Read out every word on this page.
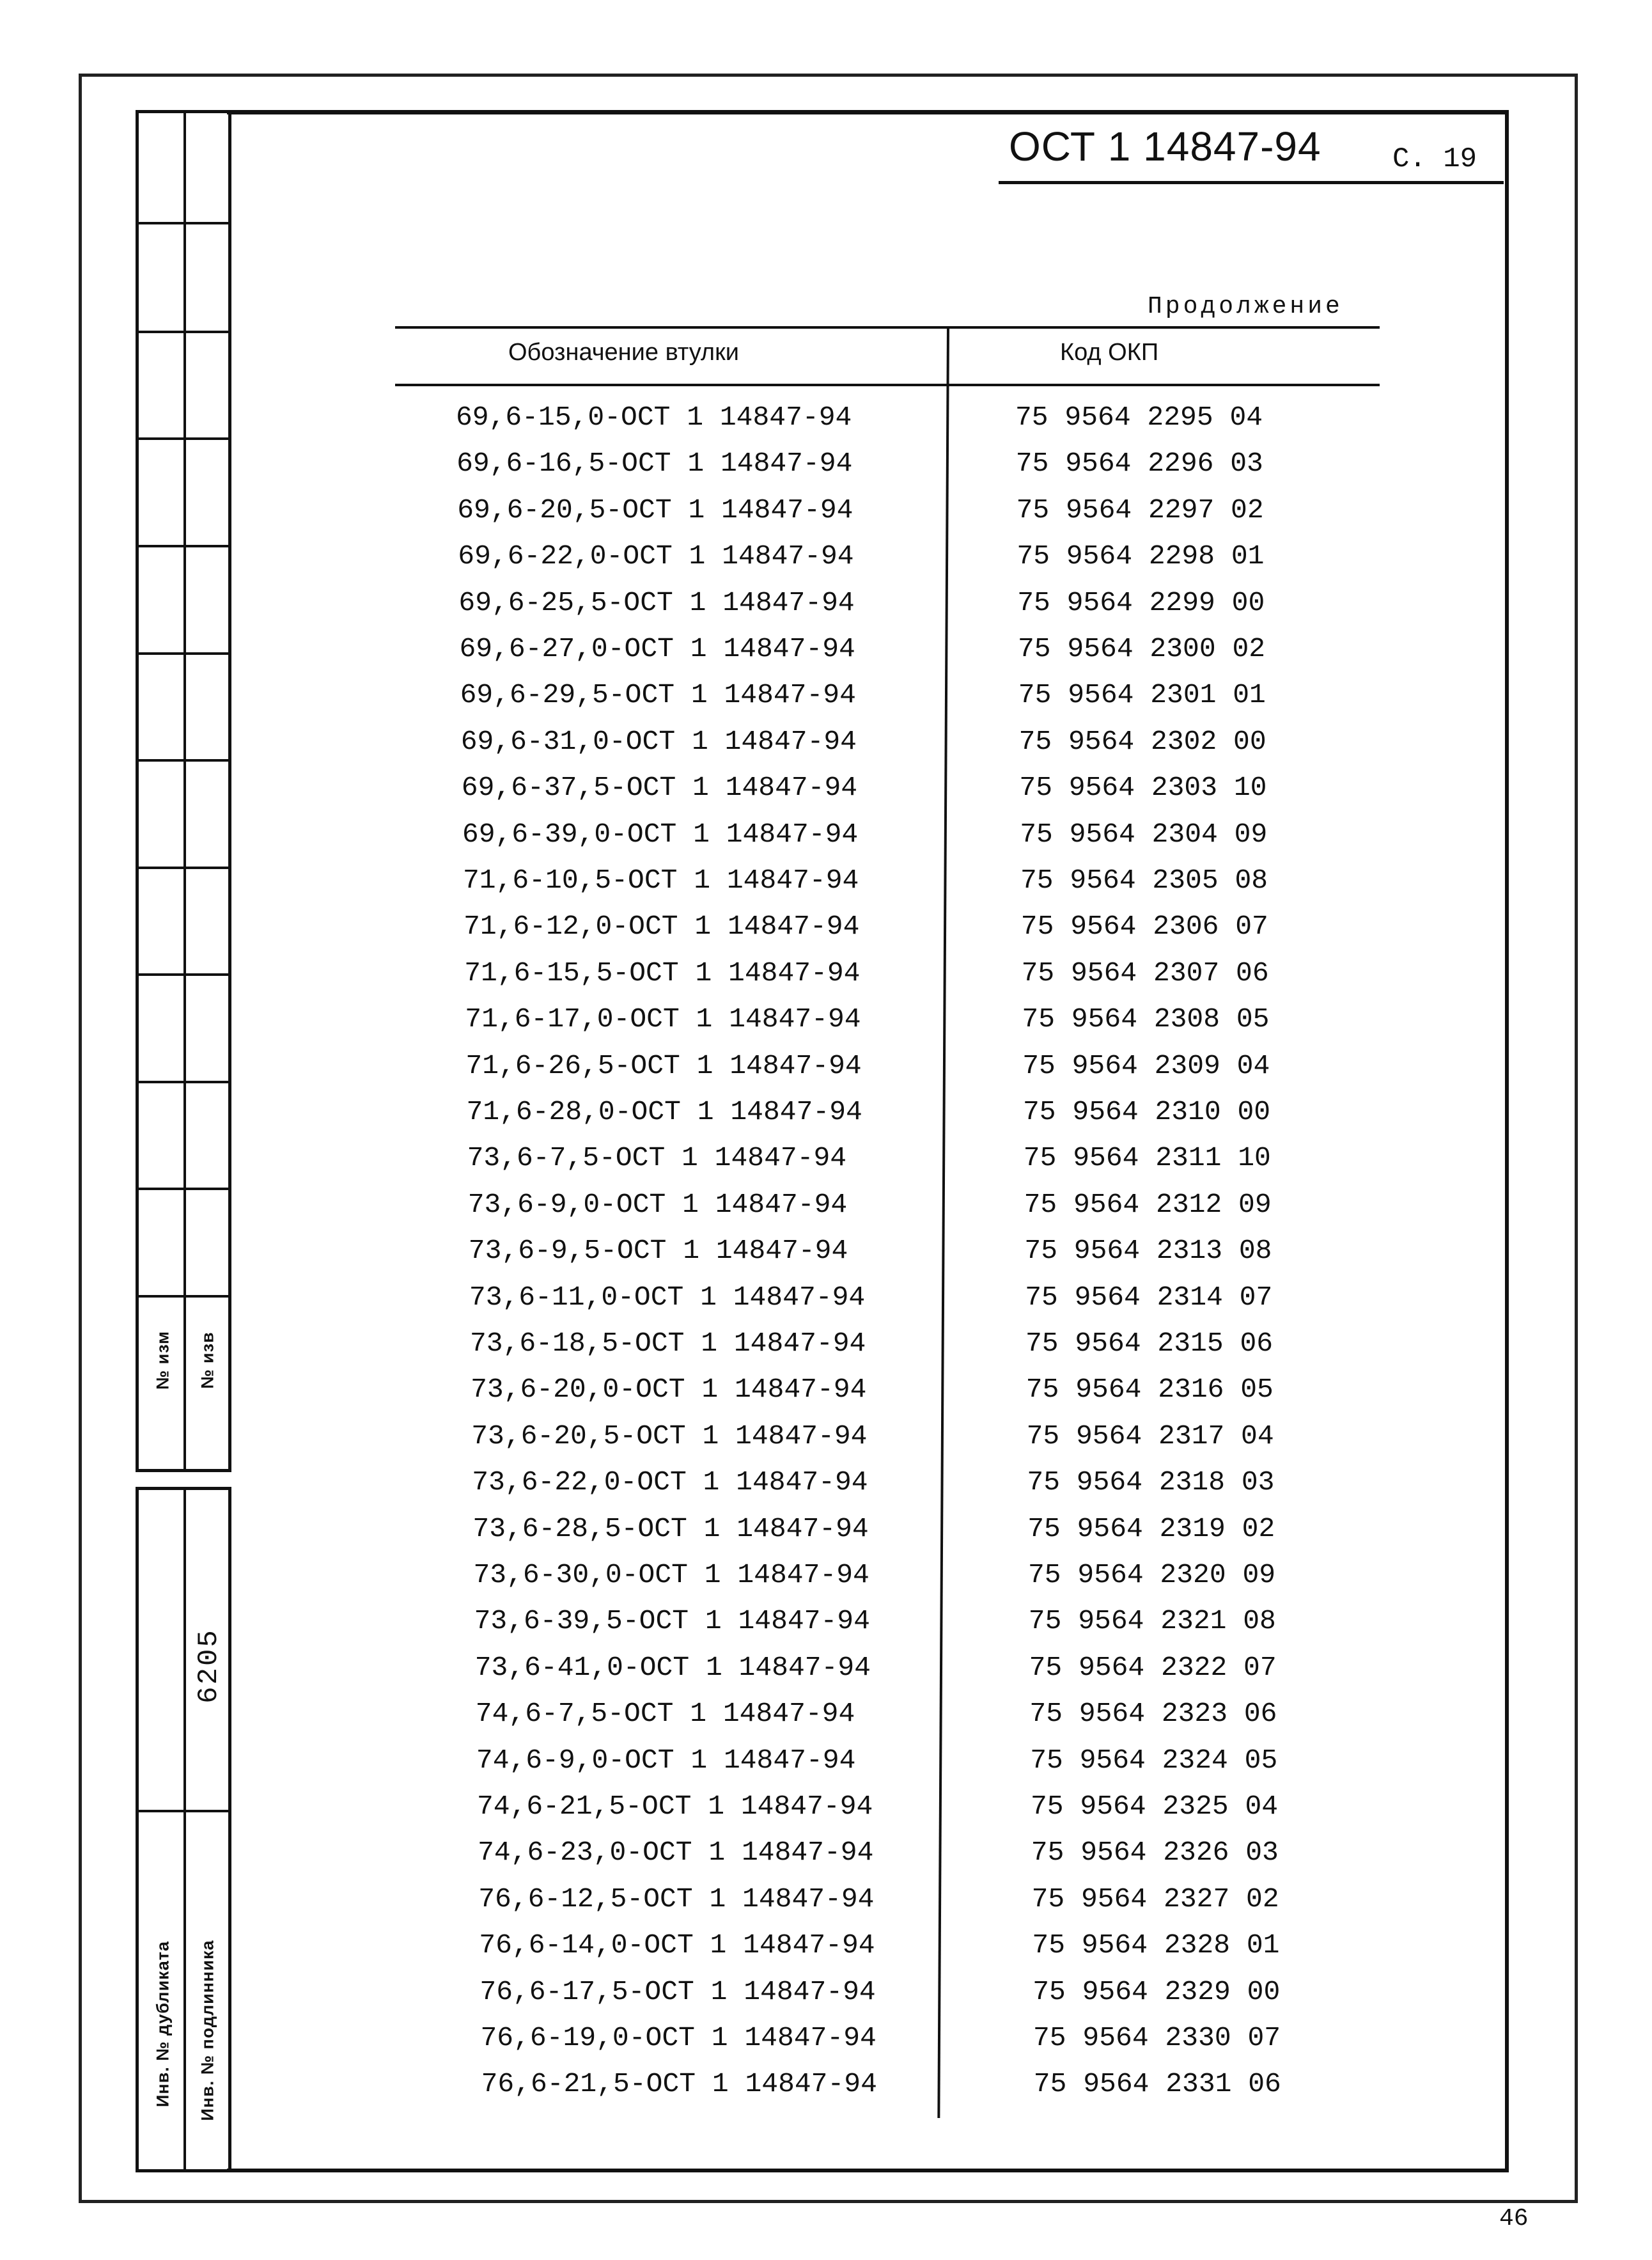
№ изм № изв
6205
Инв. № дубликата Инв. № подлинника
ОСТ 1 14847-94	С. 19
Продолжение
Обозначение втулки	Код ОКП
69,6-15,0-ОСТ 1 14847-94	75 9564 2295 04
69,6-16,5-ОСТ 1 14847-94	75 9564 2296 03
69,6-20,5-ОСТ 1 14847-94	75 9564 2297 02
69,6-22,0-ОСТ 1 14847-94	75 9564 2298 01
69,6-25,5-ОСТ 1 14847-94	75 9564 2299 00
69,6-27,0-ОСТ 1 14847-94	75 9564 2300 02
69,6-29,5-ОСТ 1 14847-94	75 9564 2301 01
69,6-31,0-ОСТ 1 14847-94	75 9564 2302 00
69,6-37,5-ОСТ 1 14847-94	75 9564 2303 10
69,6-39,0-ОСТ 1 14847-94	75 9564 2304 09
71,6-10,5-ОСТ 1 14847-94	75 9564 2305 08
71,6-12,0-ОСТ 1 14847-94	75 9564 2306 07
71,6-15,5-ОСТ 1 14847-94	75 9564 2307 06
71,6-17,0-ОСТ 1 14847-94	75 9564 2308 05
71,6-26,5-ОСТ 1 14847-94	75 9564 2309 04
71,6-28,0-ОСТ 1 14847-94	75 9564 2310 00
73,6-7,5-ОСТ 1 14847-94	75 9564 2311 10
73,6-9,0-ОСТ 1 14847-94	75 9564 2312 09
73,6-9,5-ОСТ 1 14847-94	75 9564 2313 08
73,6-11,0-ОСТ 1 14847-94	75 9564 2314 07
73,6-18,5-ОСТ 1 14847-94	75 9564 2315 06
73,6-20,0-ОСТ 1 14847-94	75 9564 2316 05
73,6-20,5-ОСТ 1 14847-94	75 9564 2317 04
73,6-22,0-ОСТ 1 14847-94	75 9564 2318 03
73,6-28,5-ОСТ 1 14847-94	75 9564 2319 02
73,6-30,0-ОСТ 1 14847-94	75 9564 2320 09
73,6-39,5-ОСТ 1 14847-94	75 9564 2321 08
73,6-41,0-ОСТ 1 14847-94	75 9564 2322 07
74,6-7,5-ОСТ 1 14847-94	75 9564 2323 06
74,6-9,0-ОСТ 1 14847-94	75 9564 2324 05
74,6-21,5-ОСТ 1 14847-94	75 9564 2325 04
74,6-23,0-ОСТ 1 14847-94	75 9564 2326 03
76,6-12,5-ОСТ 1 14847-94	75 9564 2327 02
76,6-14,0-ОСТ 1 14847-94	75 9564 2328 01
76,6-17,5-ОСТ 1 14847-94	75 9564 2329 00
76,6-19,0-ОСТ 1 14847-94	75 9564 2330 07
76,6-21,5-ОСТ 1 14847-94	75 9564 2331 06
46
